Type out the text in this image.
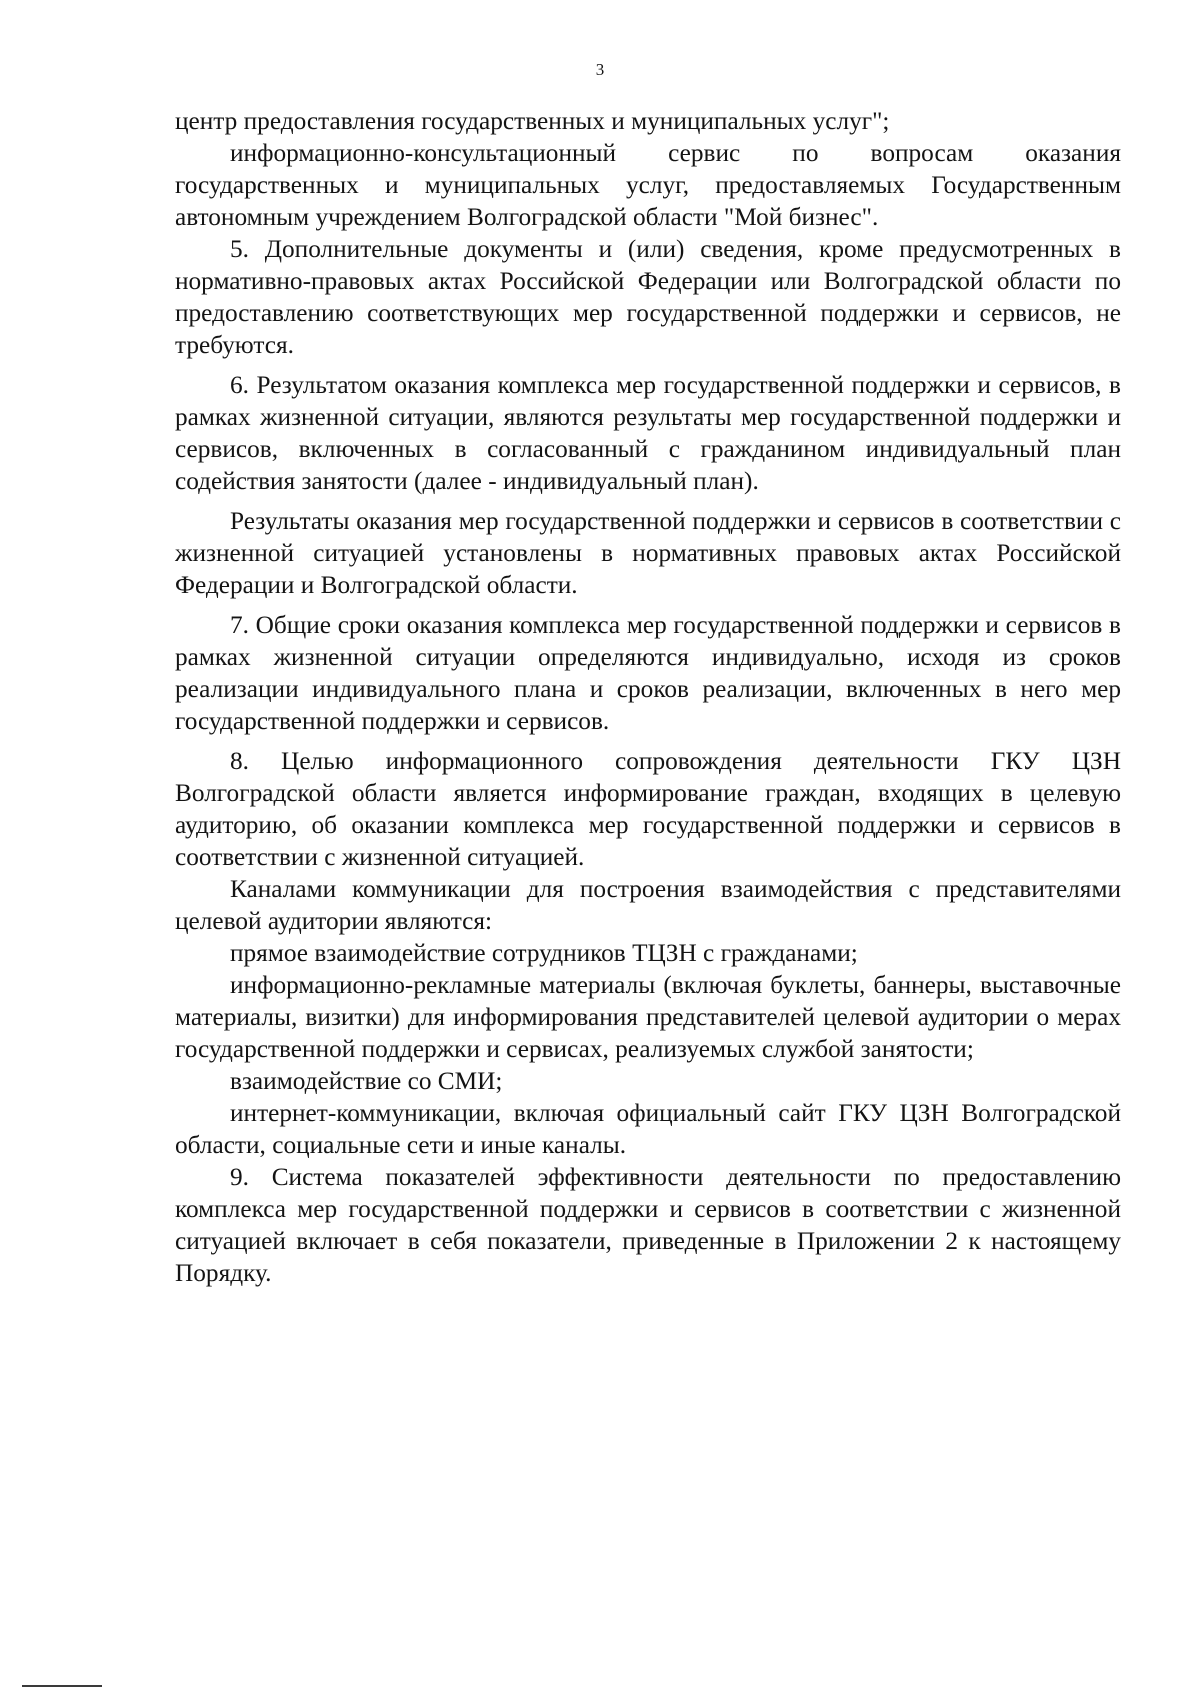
3

центр предоставления государственных и муниципальных услуг";

информационно-консультационный сервис по вопросам оказания государственных и муниципальных услуг, предоставляемых Государственным автономным учреждением Волгоградской области "Мой бизнес".

5. Дополнительные документы и (или) сведения, кроме предусмотренных в нормативно-правовых актах Российской Федерации или Волгоградской области по предоставлению соответствующих мер государственной поддержки и сервисов, не требуются.

6. Результатом оказания комплекса мер государственной поддержки и сервисов, в рамках жизненной ситуации, являются результаты мер государственной поддержки и сервисов, включенных в согласованный с гражданином индивидуальный план содействия занятости (далее - индивидуальный план).

Результаты оказания мер государственной поддержки и сервисов в соответствии с жизненной ситуацией установлены в нормативных правовых актах Российской Федерации и Волгоградской области.

7. Общие сроки оказания комплекса мер государственной поддержки и сервисов в рамках жизненной ситуации определяются индивидуально, исходя из сроков реализации индивидуального плана и сроков реализации, включенных в него мер государственной поддержки и сервисов.

8. Целью информационного сопровождения деятельности ГКУ ЦЗН Волгоградской области является информирование граждан, входящих в целевую аудиторию, об оказании комплекса мер государственной поддержки и сервисов в соответствии с жизненной ситуацией.

Каналами коммуникации для построения взаимодействия с представителями целевой аудитории являются:

прямое взаимодействие сотрудников ТЦЗН с гражданами;

информационно-рекламные материалы (включая буклеты, баннеры, выставочные материалы, визитки) для информирования представителей целевой аудитории о мерах государственной поддержки и сервисах, реализуемых службой занятости;

взаимодействие со СМИ;

интернет-коммуникации, включая официальный сайт ГКУ ЦЗН Волгоградской области, социальные сети и иные каналы.

9. Система показателей эффективности деятельности по предоставлению комплекса мер государственной поддержки и сервисов в соответствии с жизненной ситуацией включает в себя показатели, приведенные в Приложении 2 к настоящему Порядку.
